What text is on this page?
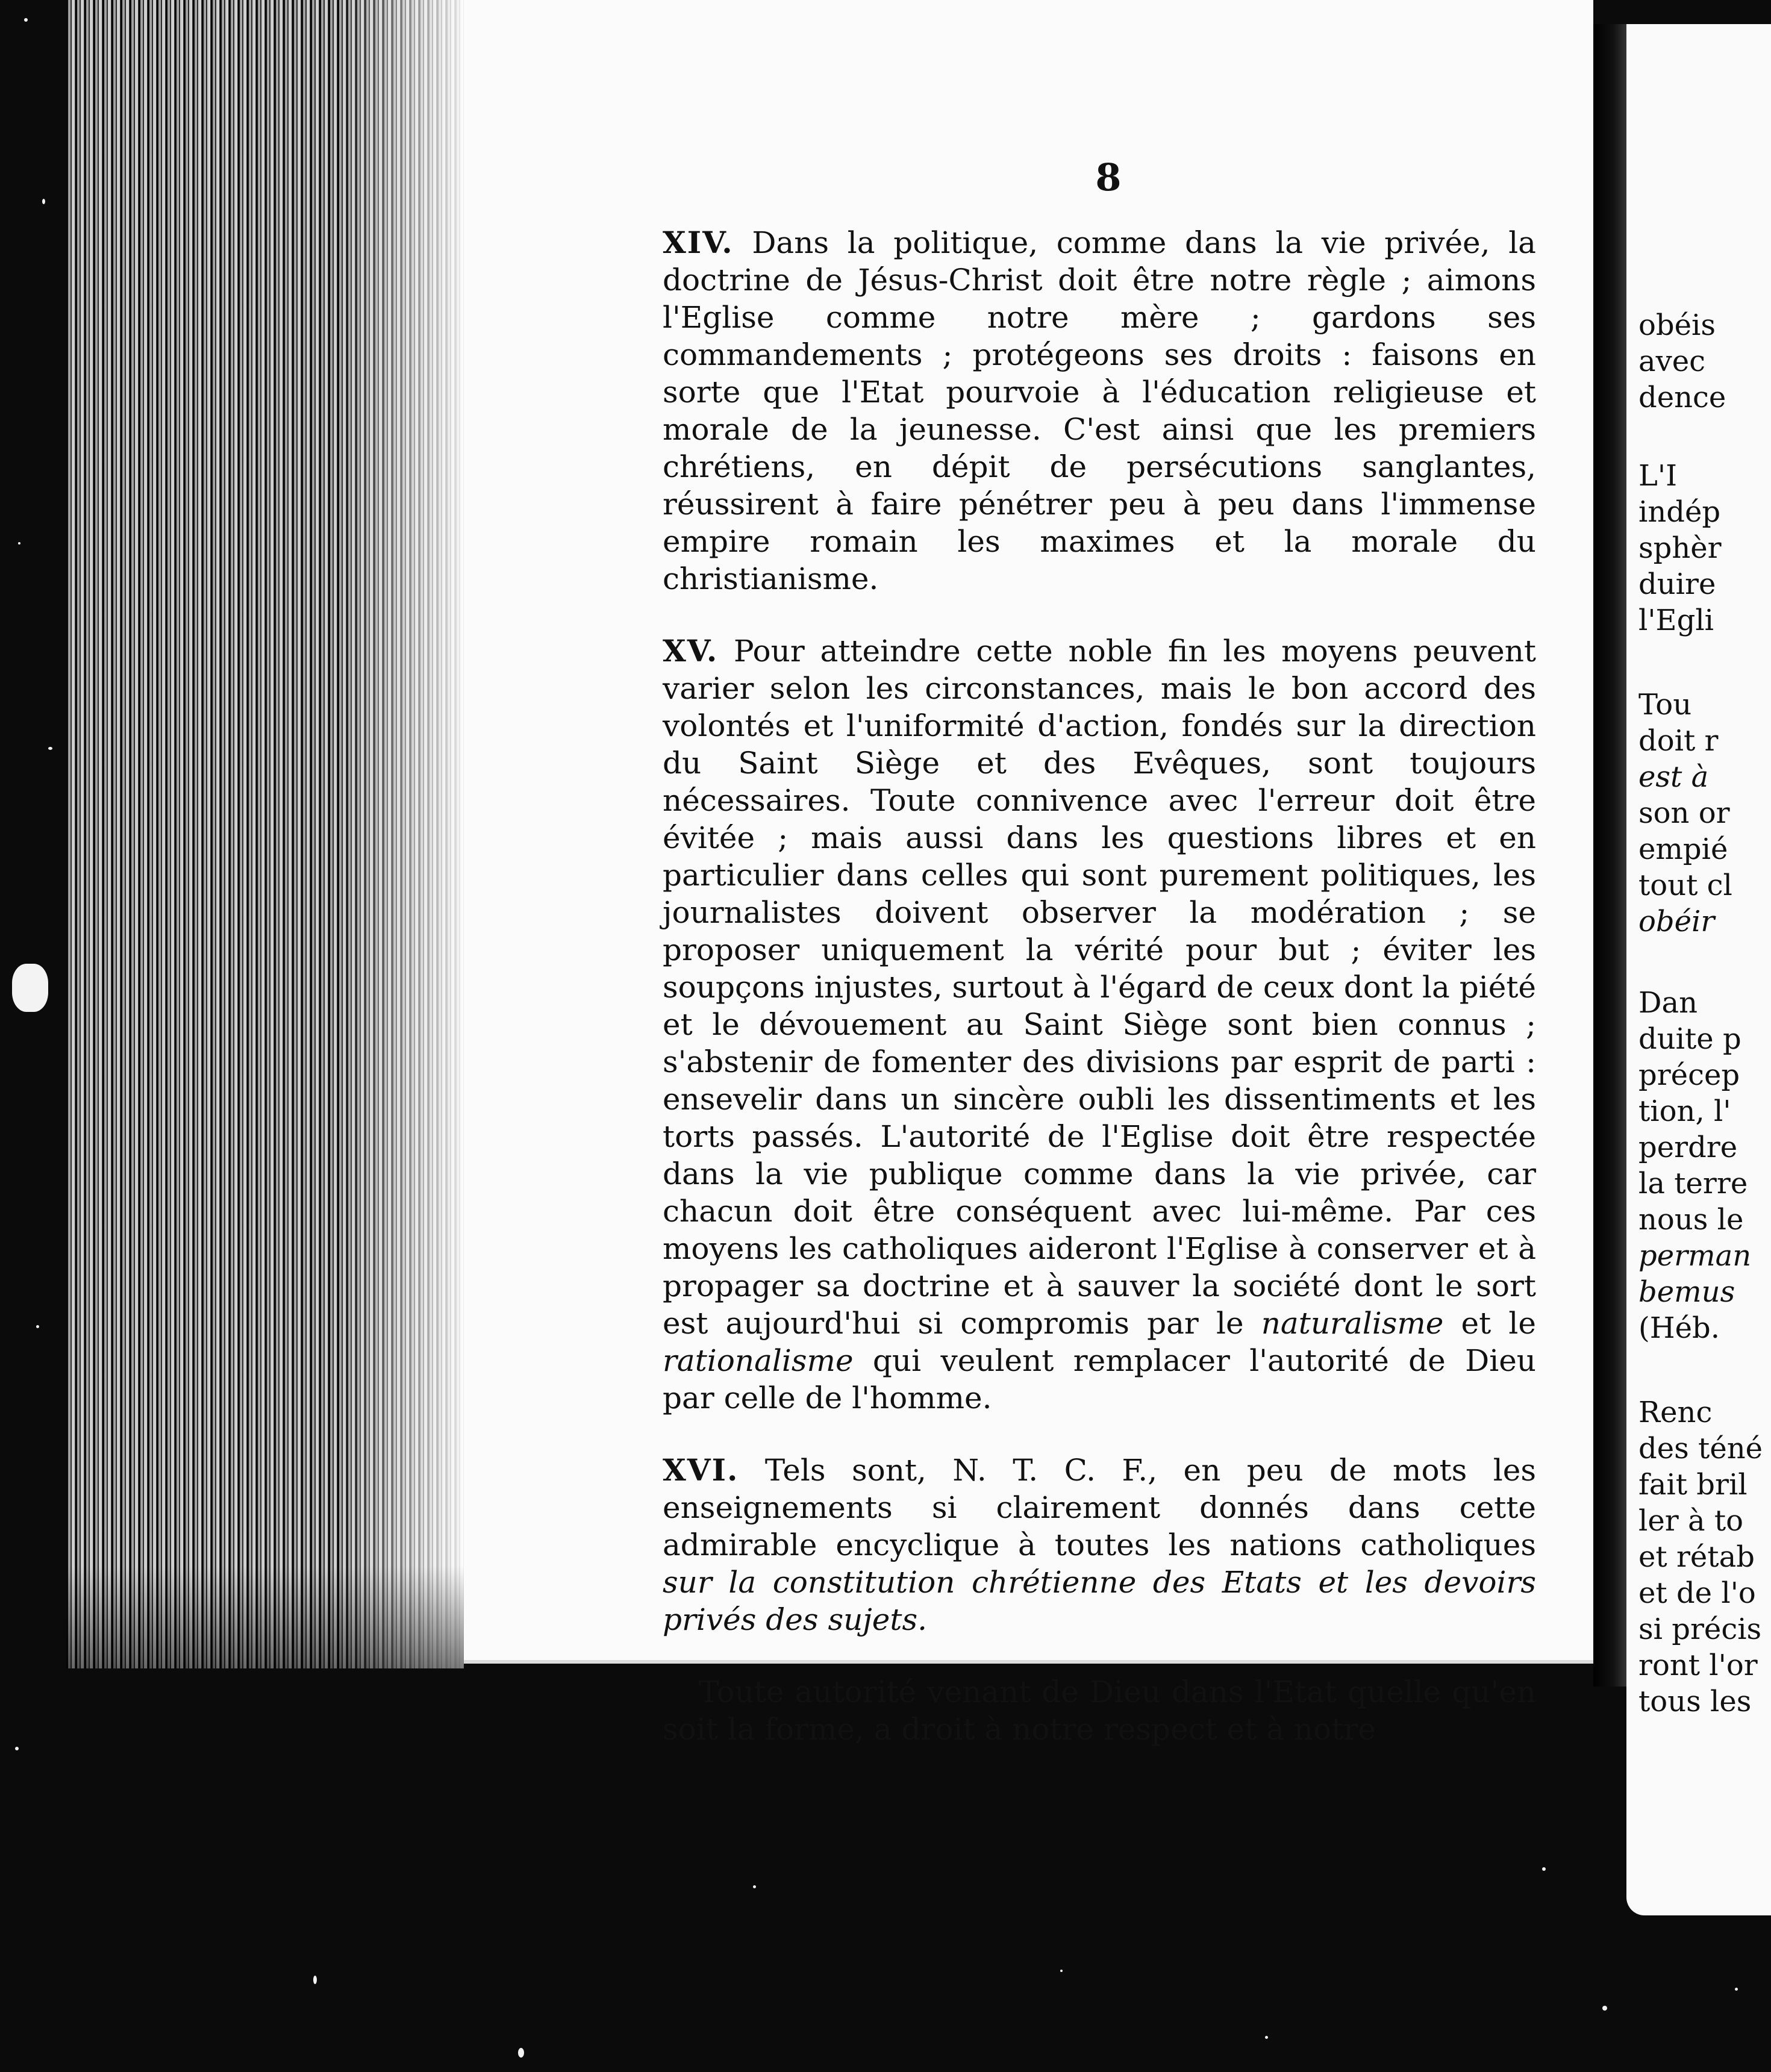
8

XIV. Dans la politique, comme dans la vie privée, la doctrine de Jésus-Christ doit être notre règle ; aimons l'Eglise comme notre mère ; gardons ses commandements ; protégeons ses droits : faisons en sorte que l'Etat pourvoie à l'éducation religieuse et morale de la jeunesse. C'est ainsi que les premiers chrétiens, en dépit de persécutions sanglantes, réussirent à faire pénétrer peu à peu dans l'immense empire romain les maximes et la morale du christianisme.

XV. Pour atteindre cette noble fin les moyens peuvent varier selon les circonstances, mais le bon accord des volontés et l'uniformité d'action, fondés sur la direction du Saint Siège et des Evêques, sont toujours nécessaires. Toute connivence avec l'erreur doit être évitée ; mais aussi dans les questions libres et en particulier dans celles qui sont purement politiques, les journalistes doivent observer la modération ; se proposer uniquement la vérité pour but ; éviter les soupçons injustes, surtout à l'égard de ceux dont la piété et le dévouement au Saint Siège sont bien connus ; s'abstenir de fomenter des divisions par esprit de parti : ensevelir dans un sincère oubli les dissentiments et les torts passés. L'autorité de l'Eglise doit être respectée dans la vie publique comme dans la vie privée, car chacun doit être conséquent avec lui-même. Par ces moyens les catholiques aideront l'Eglise à conserver et à propager sa doctrine et à sauver la société dont le sort est aujourd'hui si compromis par le naturalisme et le rationalisme qui veulent remplacer l'autorité de Dieu par celle de l'homme.

XVI. Tels sont, N. T. C. F., en peu de mots les enseignements si clairement donnés dans cette admirable encyclique à toutes les nations catholiques sur la constitution chrétienne des Etats et les devoirs privés des sujets.

Toute autorité venant de Dieu dans l'Etat quelle qu'en soit la forme, a droit à notre respect et à notre

obéis
avec
dence
L'I
indép
sphèr
duire
l'Egli
Tou
doit r
est à
son or
empié
tout cl
obéir
Dan
duite p
précep
tion, l'
perdre
la terre
nous le
perman
bemus
(Héb.
Renc
des téné
fait bril
ler à to
et rétab
et de l'o
si précis
ront l'or
tous les
